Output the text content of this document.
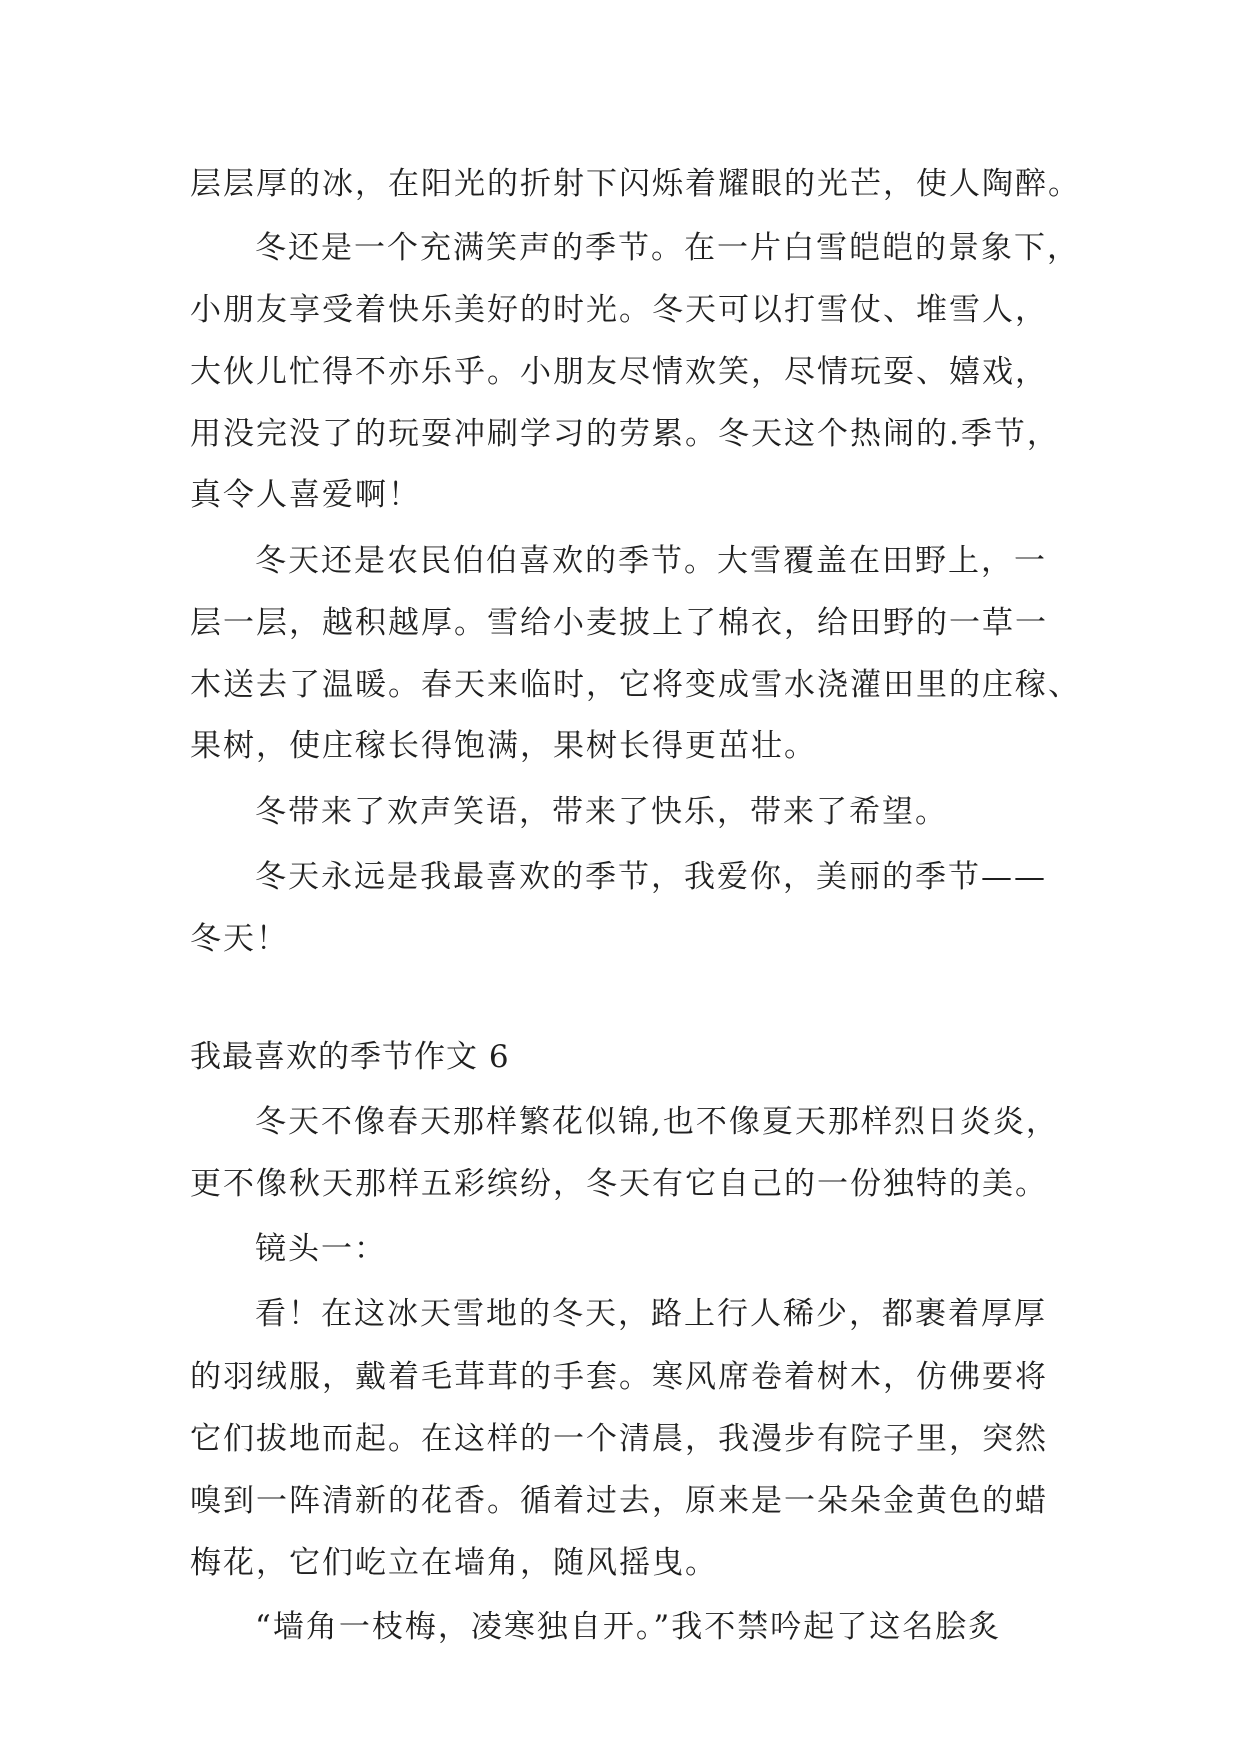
层层厚的冰，在阳光的折射下闪烁着耀眼的光芒，使人陶醉。
冬还是一个充满笑声的季节。在一片白雪皑皑的景象下，
小朋友享受着快乐美好的时光。冬天可以打雪仗、堆雪人，
大伙儿忙得不亦乐乎。小朋友尽情欢笑，尽情玩耍、嬉戏，
用没完没了的玩耍冲刷学习的劳累。冬天这个热闹的.季节，
真令人喜爱啊！
冬天还是农民伯伯喜欢的季节。大雪覆盖在田野上，一
层一层，越积越厚。雪给小麦披上了棉衣，给田野的一草一
木送去了温暖。春天来临时，它将变成雪水浇灌田里的庄稼、
果树，使庄稼长得饱满，果树长得更茁壮。
冬带来了欢声笑语，带来了快乐，带来了希望。
冬天永远是我最喜欢的季节，我爱你，美丽的季节——
冬天！
我最喜欢的季节作文 6
冬天不像春天那样繁花似锦,也不像夏天那样烈日炎炎，
更不像秋天那样五彩缤纷，冬天有它自己的一份独特的美。
镜头一：
看！在这冰天雪地的冬天，路上行人稀少，都裹着厚厚
的羽绒服，戴着毛茸茸的手套。寒风席卷着树木，仿佛要将
它们拔地而起。在这样的一个清晨，我漫步有院子里，突然
嗅到一阵清新的花香。循着过去，原来是一朵朵金黄色的蜡
梅花，它们屹立在墙角，随风摇曳。
“墙角一枝梅，凌寒独自开。”我不禁吟起了这名脍炙
